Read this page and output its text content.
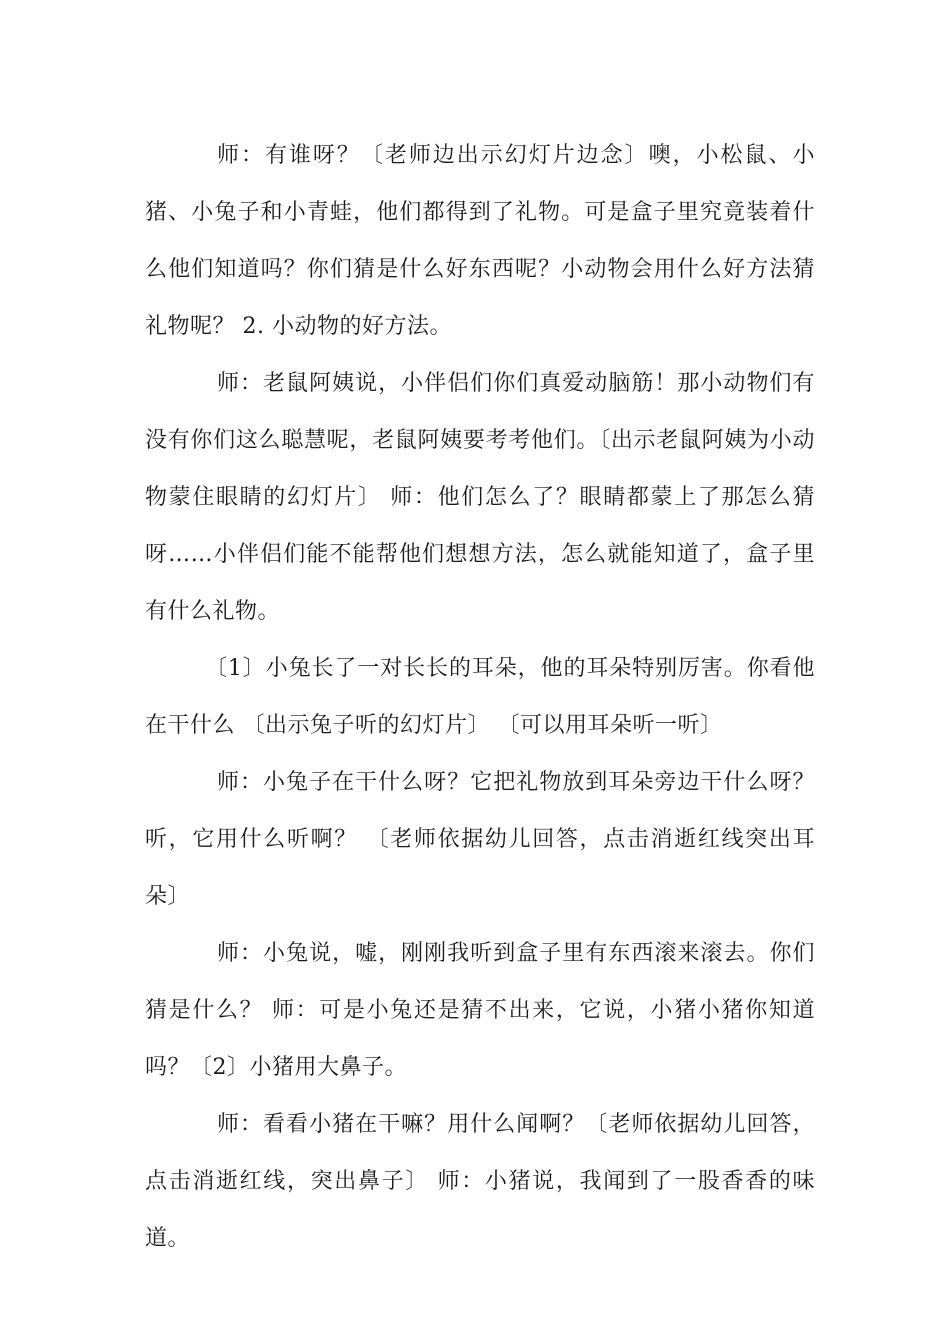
师：有谁呀？〔老师边出示幻灯片边念〕噢，小松鼠、小猪、小兔子和小青蛙，他们都得到了礼物。可是盒子里究竟装着什么他们知道吗？你们猜是什么好东西呢？小动物会用什么好方法猜礼物呢？ 2. 小动物的好方法。

师：老鼠阿姨说，小伴侣们你们真爱动脑筋！那小动物们有没有你们这么聪慧呢，老鼠阿姨要考考他们。〔出示老鼠阿姨为小动物蒙住眼睛的幻灯片〕 师：他们怎么了？眼睛都蒙上了那怎么猜呀……小伴侣们能不能帮他们想想方法，怎么就能知道了，盒子里有什么礼物。

〔1〕小兔长了一对长长的耳朵，他的耳朵特别厉害。你看他在干什么 〔出示兔子听的幻灯片〕 〔可以用耳朵听一听〕

师：小兔子在干什么呀？它把礼物放到耳朵旁边干什么呀？听，它用什么听啊？ 〔老师依据幼儿回答，点击消逝红线突出耳朵〕

师：小兔说，嘘，刚刚我听到盒子里有东西滚来滚去。你们猜是什么？ 师：可是小兔还是猜不出来，它说，小猪小猪你知道吗？〔2〕小猪用大鼻子。

师：看看小猪在干嘛？用什么闻啊？〔老师依据幼儿回答，点击消逝红线，突出鼻子〕 师：小猪说，我闻到了一股香香的味道。
